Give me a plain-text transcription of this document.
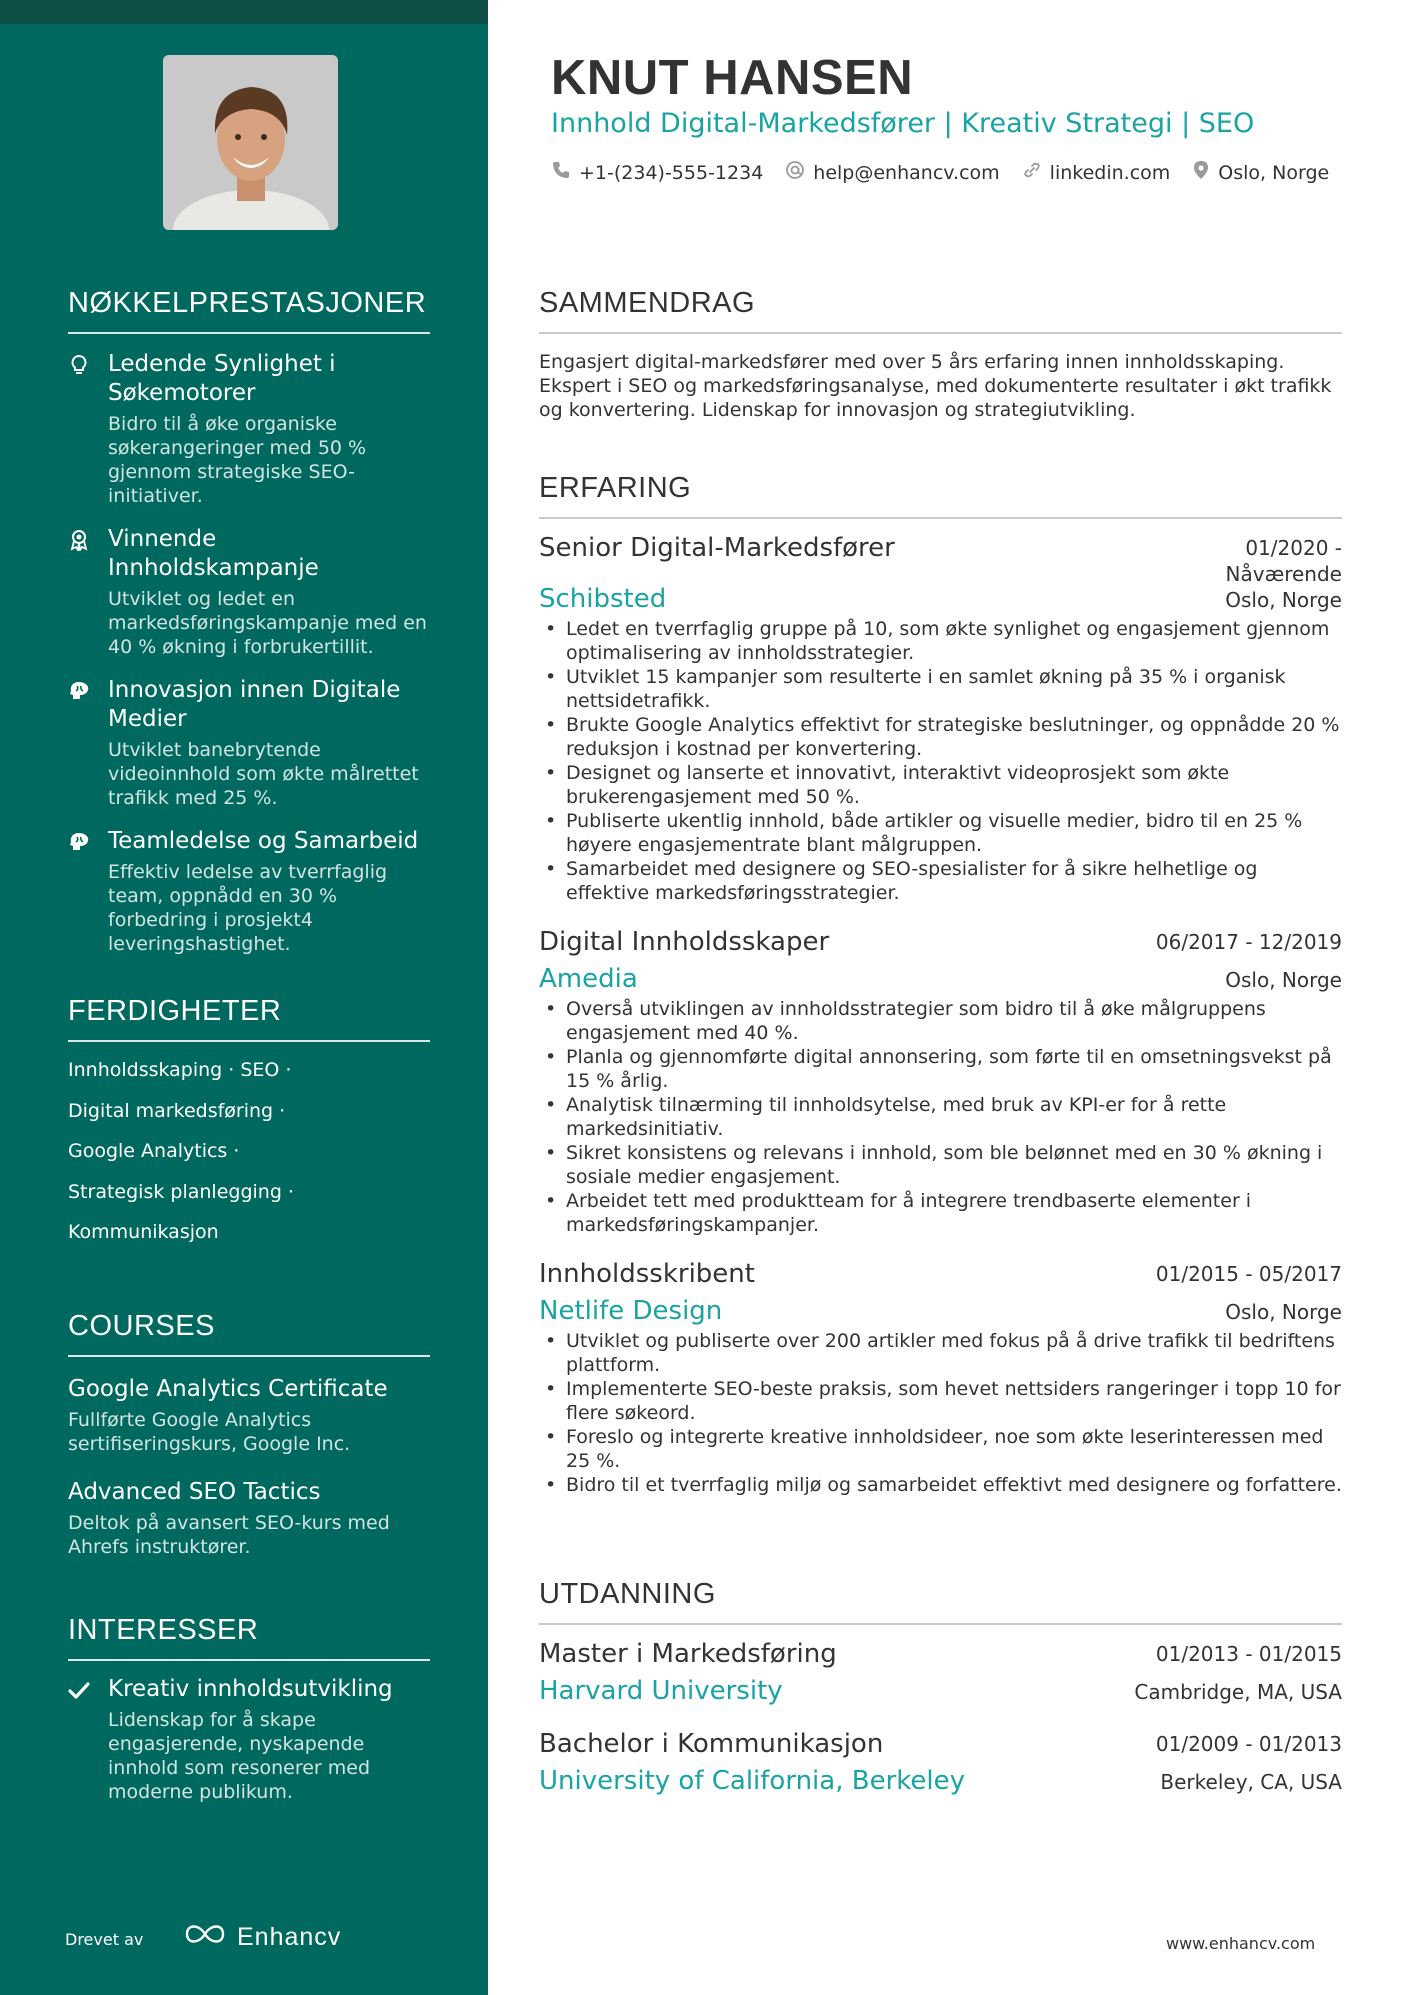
NØKKELPRESTASJONER
Ledende Synlighet i Søkemotorer
Bidro til å øke organiske søkerangeringer med 50 % gjennom strategiske SEO-initiativer.
Vinnende Innholdskampanje
Utviklet og ledet en markedsføringskampanje med en 40 % økning i forbrukertillit.
Innovasjon innen Digitale Medier
Utviklet banebrytende videoinnhold som økte målrettet trafikk med 25 %.
Teamledelse og Samarbeid
Effektiv ledelse av tverrfaglig team, oppnådd en 30 % forbedring i prosjekt4 leveringshastighet.
FERDIGHETER
Innholdsskaping · SEO ·
Digital markedsføring ·
Google Analytics ·
Strategisk planlegging ·
Kommunikasjon
COURSES
Google Analytics Certificate
Fullførte Google Analytics sertifiseringskurs, Google Inc.
Advanced SEO Tactics
Deltok på avansert SEO-kurs med Ahrefs instruktører.
INTERESSER
Kreativ innholdsutvikling
Lidenskap for å skape engasjerende, nyskapende innhold som resonerer med moderne publikum.
Drevet av	Enhancv
KNUT HANSEN
Innhold Digital-Markedsfører | Kreativ Strategi | SEO
+1-(234)-555-1234	help@enhancv.com	linkedin.com	Oslo, Norge
SAMMENDRAG
Engasjert digital-markedsfører med over 5 års erfaring innen innholdsskaping. Ekspert i SEO og markedsføringsanalyse, med dokumenterte resultater i økt trafikk og konvertering. Lidenskap for innovasjon og strategiutvikling.
ERFARING
Senior Digital-Markedsfører	01/2020 - Nåværende
Schibsted	Oslo, Norge
• Ledet en tverrfaglig gruppe på 10, som økte synlighet og engasjement gjennom optimalisering av innholdsstrategier.
• Utviklet 15 kampanjer som resulterte i en samlet økning på 35 % i organisk nettsidetrafikk.
• Brukte Google Analytics effektivt for strategiske beslutninger, og oppnådde 20 % reduksjon i kostnad per konvertering.
• Designet og lanserte et innovativt, interaktivt videoprosjekt som økte brukerengasjement med 50 %.
• Publiserte ukentlig innhold, både artikler og visuelle medier, bidro til en 25 % høyere engasjementrate blant målgruppen.
• Samarbeidet med designere og SEO-spesialister for å sikre helhetlige og effektive markedsføringsstrategier.
Digital Innholdsskaper	06/2017 - 12/2019
Amedia	Oslo, Norge
• Overså utviklingen av innholdsstrategier som bidro til å øke målgruppens engasjement med 40 %.
• Planla og gjennomførte digital annonsering, som førte til en omsetningsvekst på 15 % årlig.
• Analytisk tilnærming til innholdsytelse, med bruk av KPI-er for å rette markedsinitiativ.
• Sikret konsistens og relevans i innhold, som ble belønnet med en 30 % økning i sosiale medier engasjement.
• Arbeidet tett med produktteam for å integrere trendbaserte elementer i markedsføringskampanjer.
Innholdsskribent	01/2015 - 05/2017
Netlife Design	Oslo, Norge
• Utviklet og publiserte over 200 artikler med fokus på å drive trafikk til bedriftens plattform.
• Implementerte SEO-beste praksis, som hevet nettsiders rangeringer i topp 10 for flere søkeord.
• Foreslo og integrerte kreative innholdsideer, noe som økte leserinteressen med 25 %.
• Bidro til et tverrfaglig miljø og samarbeidet effektivt med designere og forfattere.
UTDANNING
Master i Markedsføring	01/2013 - 01/2015
Harvard University	Cambridge, MA, USA
Bachelor i Kommunikasjon	01/2009 - 01/2013
University of California, Berkeley	Berkeley, CA, USA
www.enhancv.com
